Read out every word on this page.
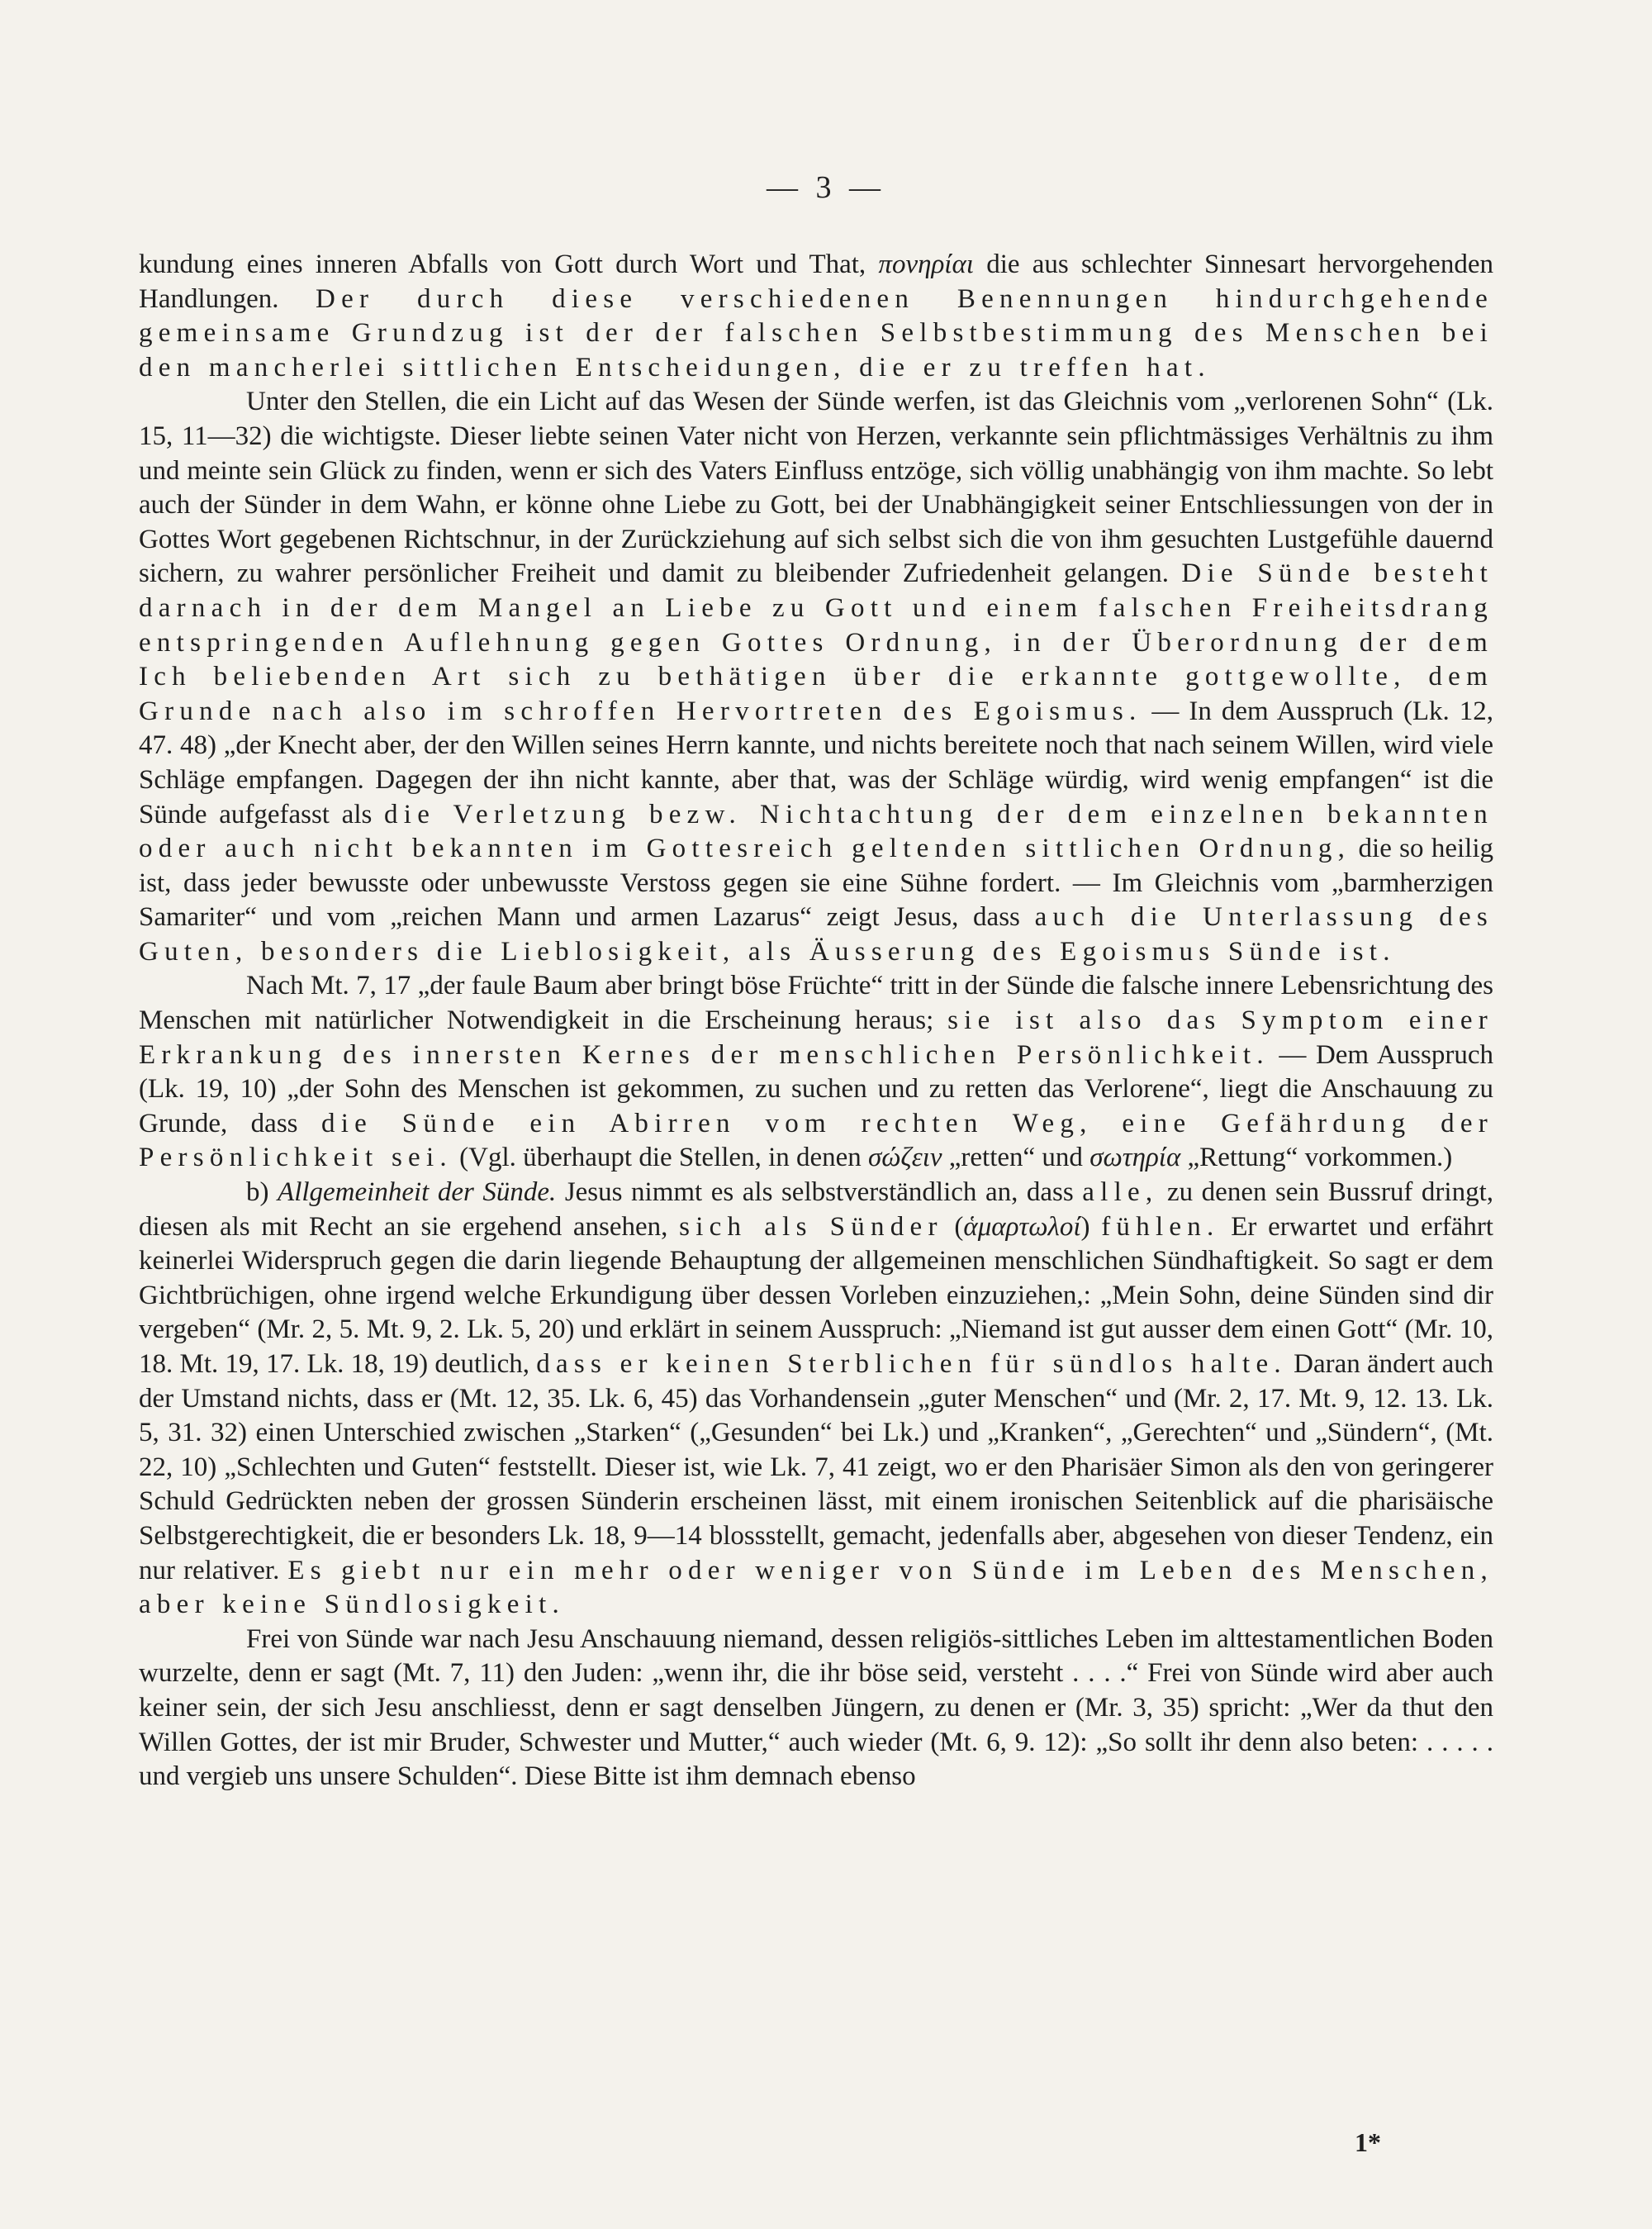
— 3 —

kundung eines inneren Abfalls von Gott durch Wort und That, πονηρίαι die aus schlechter Sinnesart hervorgehenden Handlungen. Der durch diese verschiedenen Benennungen hindurchgehende gemeinsame Grundzug ist der der falschen Selbstbestimmung des Menschen bei den mancherlei sittlichen Entscheidungen, die er zu treffen hat.

Unter den Stellen, die ein Licht auf das Wesen der Sünde werfen, ist das Gleichnis vom „verlorenen Sohn“ (Lk. 15, 11—32) die wichtigste. Dieser liebte seinen Vater nicht von Herzen, verkannte sein pflichtmässiges Verhältnis zu ihm und meinte sein Glück zu finden, wenn er sich des Vaters Einfluss entzöge, sich völlig unabhängig von ihm machte. So lebt auch der Sünder in dem Wahn, er könne ohne Liebe zu Gott, bei der Unabhängigkeit seiner Entschliessungen von der in Gottes Wort gegebenen Richtschnur, in der Zurückziehung auf sich selbst sich die von ihm gesuchten Lustgefühle dauernd sichern, zu wahrer persönlicher Freiheit und damit zu bleibender Zufriedenheit gelangen. Die Sünde besteht darnach in der dem Mangel an Liebe zu Gott und einem falschen Freiheitsdrang entspringenden Auflehnung gegen Gottes Ordnung, in der Überordnung der dem Ich beliebenden Art sich zu bethätigen über die erkannte gottgewollte, dem Grunde nach also im schroffen Hervortreten des Egoismus. — In dem Ausspruch (Lk. 12, 47. 48) „der Knecht aber, der den Willen seines Herrn kannte, und nichts bereitete noch that nach seinem Willen, wird viele Schläge empfangen. Dagegen der ihn nicht kannte, aber that, was der Schläge würdig, wird wenig empfangen“ ist die Sünde aufgefasst als die Verletzung bezw. Nichtachtung der dem einzelnen bekannten oder auch nicht bekannten im Gottesreich geltenden sittlichen Ordnung, die so heilig ist, dass jeder bewusste oder unbewusste Verstoss gegen sie eine Sühne fordert. — Im Gleichnis vom „barmherzigen Samariter“ und vom „reichen Mann und armen Lazarus“ zeigt Jesus, dass auch die Unterlassung des Guten, besonders die Lieblosigkeit, als Äusserung des Egoismus Sünde ist.

Nach Mt. 7, 17 „der faule Baum aber bringt böse Früchte“ tritt in der Sünde die falsche innere Lebensrichtung des Menschen mit natürlicher Notwendigkeit in die Erscheinung heraus; sie ist also das Symptom einer Erkrankung des innersten Kernes der menschlichen Persönlichkeit. — Dem Ausspruch (Lk. 19, 10) „der Sohn des Menschen ist gekommen, zu suchen und zu retten das Verlorene“, liegt die Anschauung zu Grunde, dass die Sünde ein Abirren vom rechten Weg, eine Gefährdung der Persönlichkeit sei. (Vgl. überhaupt die Stellen, in denen σώζειν „retten“ und σωτηρία „Rettung“ vorkommen.)

b) Allgemeinheit der Sünde. Jesus nimmt es als selbstverständlich an, dass alle, zu denen sein Bussruf dringt, diesen als mit Recht an sie ergehend ansehen, sich als Sünder (ἁμαρτωλοί) fühlen. Er erwartet und erfährt keinerlei Widerspruch gegen die darin liegende Behauptung der allgemeinen menschlichen Sündhaftigkeit. So sagt er dem Gichtbrüchigen, ohne irgend welche Erkundigung über dessen Vorleben einzuziehen,: „Mein Sohn, deine Sünden sind dir vergeben“ (Mr. 2, 5. Mt. 9, 2. Lk. 5, 20) und erklärt in seinem Ausspruch: „Niemand ist gut ausser dem einen Gott“ (Mr. 10, 18. Mt. 19, 17. Lk. 18, 19) deutlich, dass er keinen Sterblichen für sündlos halte. Daran ändert auch der Umstand nichts, dass er (Mt. 12, 35. Lk. 6, 45) das Vorhandensein „guter Menschen“ und (Mr. 2, 17. Mt. 9, 12. 13. Lk. 5, 31. 32) einen Unterschied zwischen „Starken“ („Gesunden“ bei Lk.) und „Kranken“, „Gerechten“ und „Sündern“, (Mt. 22, 10) „Schlechten und Guten“ feststellt. Dieser ist, wie Lk. 7, 41 zeigt, wo er den Pharisäer Simon als den von geringerer Schuld Gedrückten neben der grossen Sünderin erscheinen lässt, mit einem ironischen Seitenblick auf die pharisäische Selbstgerechtigkeit, die er besonders Lk. 18, 9—14 blossstellt, gemacht, jedenfalls aber, abgesehen von dieser Tendenz, ein nur relativer. Es giebt nur ein mehr oder weniger von Sünde im Leben des Menschen, aber keine Sündlosigkeit.

Frei von Sünde war nach Jesu Anschauung niemand, dessen religiös-sittliches Leben im alttestamentlichen Boden wurzelte, denn er sagt (Mt. 7, 11) den Juden: „wenn ihr, die ihr böse seid, versteht . . . .“ Frei von Sünde wird aber auch keiner sein, der sich Jesu anschliesst, denn er sagt denselben Jüngern, zu denen er (Mr. 3, 35) spricht: „Wer da thut den Willen Gottes, der ist mir Bruder, Schwester und Mutter,“ auch wieder (Mt. 6, 9. 12): „So sollt ihr denn also beten: . . . . . und vergieb uns unsere Schulden“. Diese Bitte ist ihm demnach ebenso

1*
